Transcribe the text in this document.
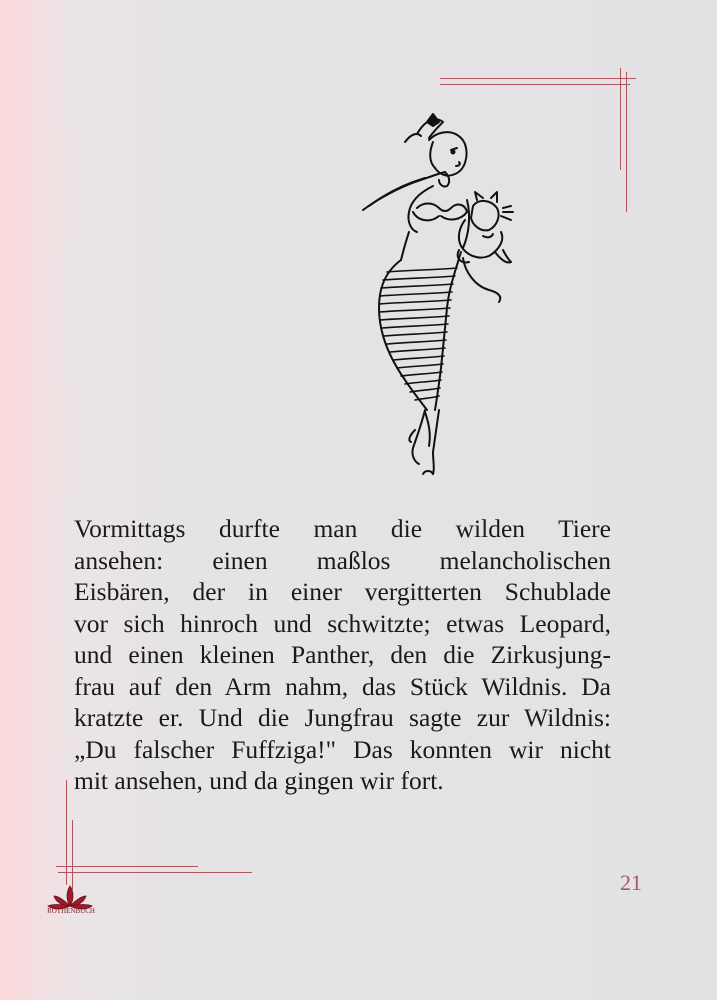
Vormittags durfte man die wilden Tiere
ansehen: einen maßlos melancholischen
Eisbären, der in einer vergitterten Schublade
vor sich hinroch und schwitzte; etwas Leopard,
und einen kleinen Panther, den die Zirkusjung-
frau auf den Arm nahm, das Stück Wildnis. Da
kratzte er. Und die Jungfrau sagte zur Wildnis:
„Du falscher Fuffziga!" Das konnten wir nicht
mit ansehen, und da gingen wir fort.
21
RÖTHENBUCH
